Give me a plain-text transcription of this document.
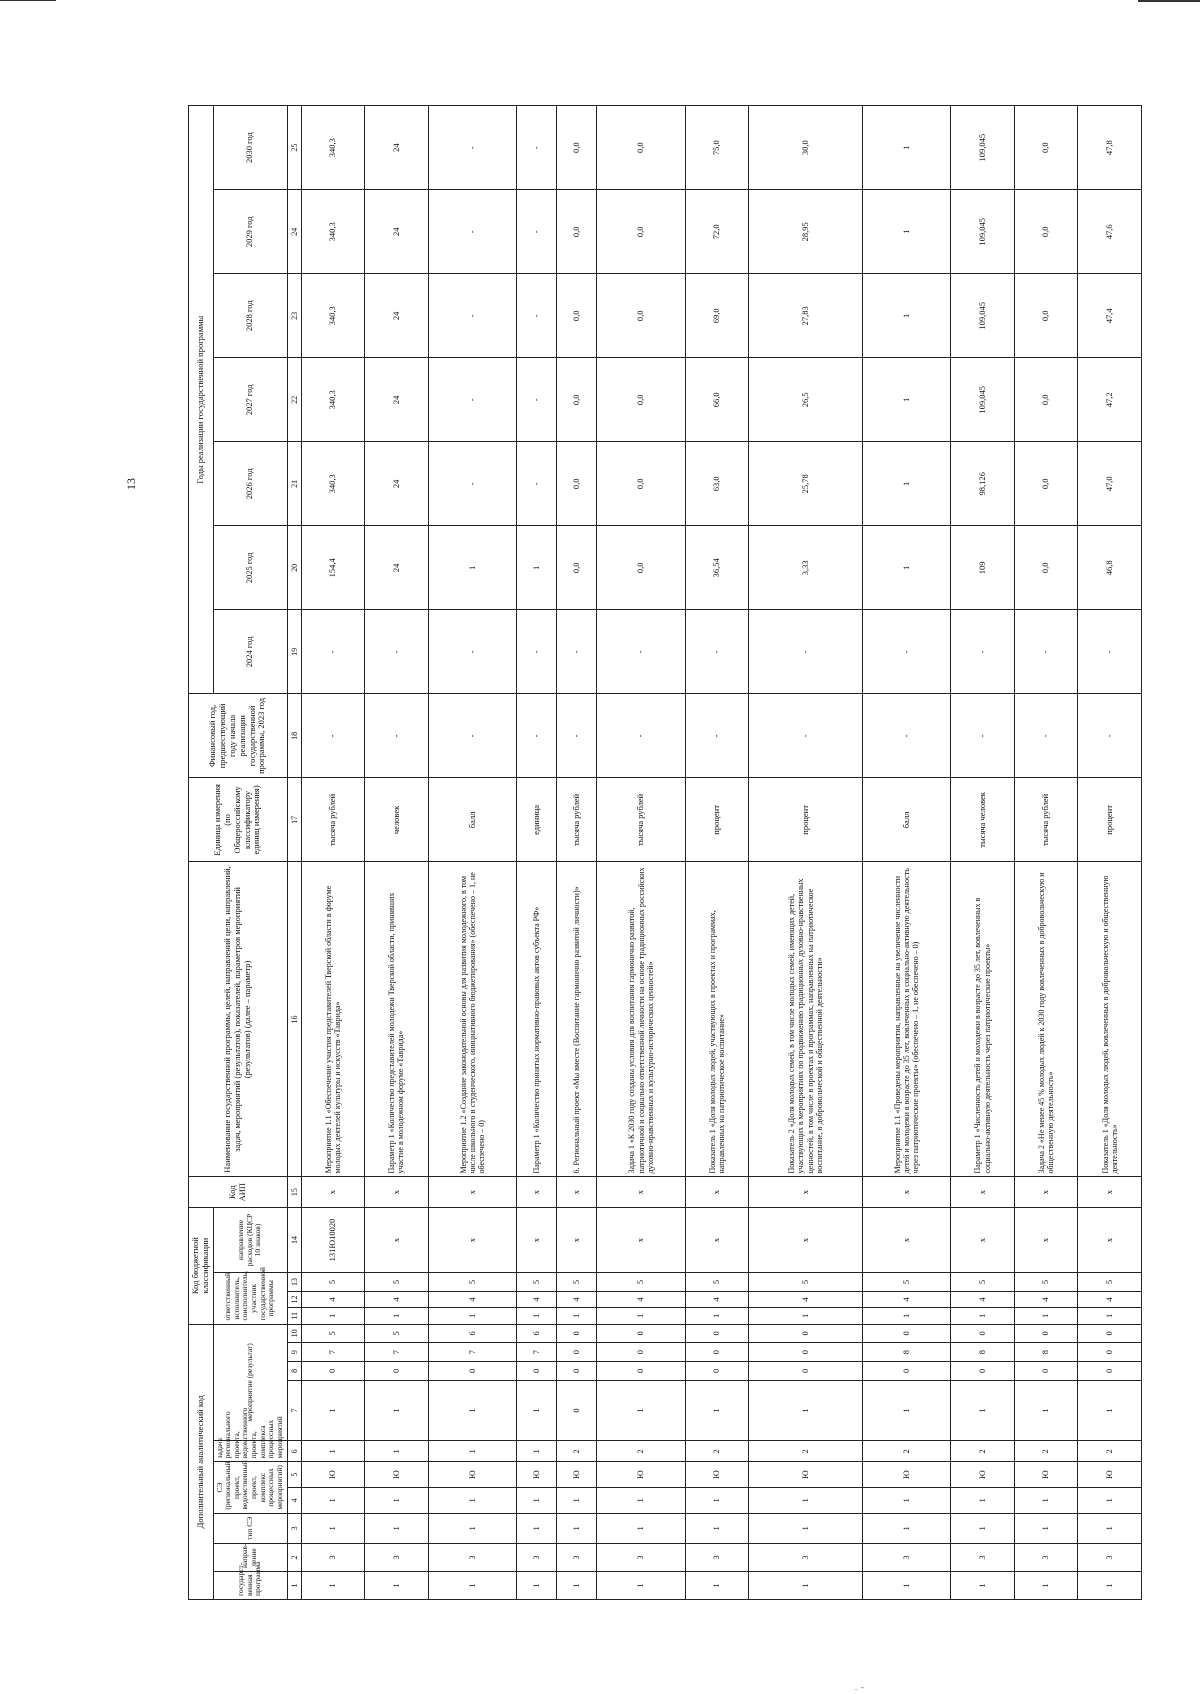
13
Дополнительный аналитический код										Код бюджетной классификации				Код АИП	Наименование государственной программы, целей, направлений цели, направлений, задач, мероприятий (результатов), показателей, параметров мероприятий (результатов) (далее – параметр)	Единица измерения (по Общероссийскому классификатору единиц измерения)	Финансовый год, предшествующий году начала реализации государственной программы, 2023 год	Годы реализации государственной программы						
государст-венная программа	направ-ление	тип СЭ	СЭ (региональный проект, ведомственный проект, комплекс процессных мероприятий)		задача регионального проекта, ведомственного проекта, комплекса процессных мероприятий	мероприятие (результат)				ответственный исполнитель, соисполнитель, участник государственной программы			направление расходов (КЦСР 10 знаков)					2024 год	2025 год	2026 год	2027 год	2028 год	2029 год	2030 год

1	2	3	4	5	6	7	8	9	10	11	12	13	14	15	16	17	18	19	20	21	22	23	24	25
1	3	1	1	Ю	1	1	0	7	5	1	4	5	131Ю10020	х	Мероприятие 1.1 «Обеспечение участия представителей Тверской области в форуме молодых деятелей культуры и искусств «Таврида»	тысяча рублей	-	-	154,4	340,3	340,3	340,3	340,3	340,3
1	3	1	1	Ю	1	1	0	7	5	1	4	5	х	х	Параметр 1 «Количество представителей молодежи Тверской области, принявших участие в молодежном форуме «Таврида»	человек	-	-	24	24	24	24	24	24
1	3	1	1	Ю	1	1	0	7	6	1	4	5	х	х	Мероприятие 1.2 «Создание законодательной основы для развития молодежного, в том числе школьного и студенческого, инициативного бюджетирования» (обеспечено – 1, не обеспечено – 0)	балл	-	-	1	-	-	-	-	-
1	3	1	1	Ю	1	1	0	7	6	1	4	5	х	х	Параметр 1 «Количество принятых нормативно-правовых актов субъекта РФ»	единица	-	-	1	-	-	-	-	-
1	3	1	1	Ю	2	0	0	0	0	1	4	5	х	х	6. Региональный проект «Мы вместе (Воспитание гармонично развитой личности)»	тысяча рублей	-	-	0,0	0,0	0,0	0,0	0,0	0,0
1	3	1	1	Ю	2	1	0	0	0	1	4	5	х	х	Задача 1 «К 2030 году созданы условия для воспитания гармонично развитой, патриотичной и социально ответственной личности на основе традиционных российских духовно-нравственных и культурно-исторических ценностей»	тысяча рублей	-	-	0,0	0,0	0,0	0,0	0,0	0,0
1	3	1	1	Ю	2	1	0	0	0	1	4	5	х	х	Показатель 1 «Доля молодых людей, участвующих в проектах и программах, направленных на патриотическое воспитание»	процент	-	-	36,54	63,0	66,0	69,0	72,0	75,0
1	3	1	1	Ю	2	1	0	0	0	1	4	5	х	х	Показатель 2 «Доля молодых семей, в том числе молодых семей, имеющих детей, участвующих в мероприятиях по продвижению традиционных духовно-нравственных ценностей, в том числе в проектах и программах, направленных на патриотическое воспитание, в добровольческой и общественной деятельности»	процент	-	-	3,33	25,78	26,5	27,83	28,95	30,0
1	3	1	1	Ю	2	1	0	8	0	1	4	5	х	х	Мероприятие 1.1 «Проведены мероприятия, направленные на увеличение численности детей и молодежи в возрасте до 35 лет, вовлеченных в социально-активную деятельность через патриотические проекты» (обеспечено – 1, не обеспечено – 0)	балл	-	-	1	1	1	1	1	1
1	3	1	1	Ю	2	1	0	8	0	1	4	5	х	х	Параметр 1 «Численность детей и молодежи в возрасте до 35 лет, вовлеченных в социально-активную деятельность через патриотические проекты»	тысяча человек	-	-	109	98,126	109,045	109,045	109,045	109,045
1	3	1	1	Ю	2	1	0	8	0	1	4	5	х	х	Задача 2 «Не менее 45 % молодых людей к 2030 году вовлеченных в добровольческую и общественную деятельность»	тысяча рублей	-	-	0,0	0,0	0,0	0,0	0,0	0,0
1	3	1	1	Ю	2	1	0	0	0	1	4	5	х	х	Показатель 1 «Доля молодых людей, вовлеченных в добровольческую и общественную деятельность»	процент	-	-	46,8	47,0	47,2	47,4	47,6	47,8
.  -
